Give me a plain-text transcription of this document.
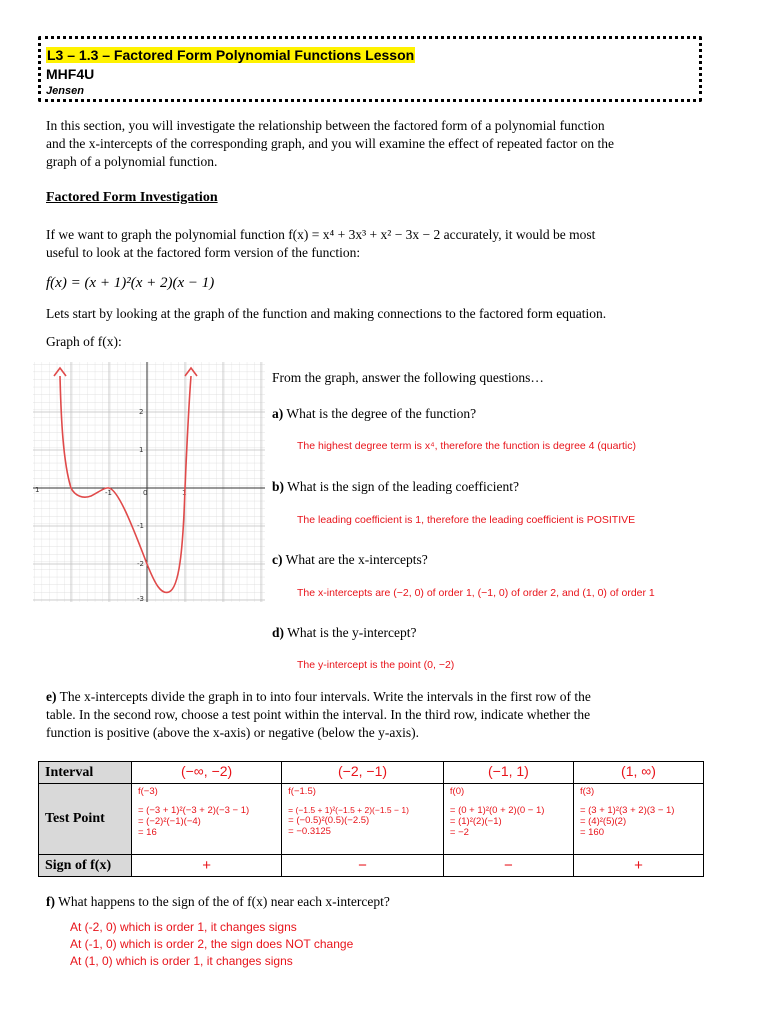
L3 – 1.3 – Factored Form Polynomial Functions Lesson
MHF4U
Jensen

In this section, you will investigate the relationship between the factored form of a polynomial function

and the x-intercepts of the corresponding graph, and you will examine the effect of repeated factor on the

graph of a polynomial function.

Factored Form Investigation

If we want to graph the polynomial function f(x) = x⁴ + 3x³ + x² − 3x − 2 accurately, it would be most

useful to look at the factored form version of the function:

f(x) = (x + 1)²(x + 2)(x − 1)

Lets start by looking at the graph of the function and making connections to the factored form equation.

Graph of f(x):

1	-1	0	1
2
1
-1
-2
-3
From the graph, answer the following questions…
a) What is the degree of the function?
The highest degree term is x⁴, therefore the function is degree 4 (quartic)
b) What is the sign of the leading coefficient?
The leading coefficient is 1, therefore the leading coefficient is POSITIVE
c) What are the x-intercepts?
The x-intercepts are (−2, 0) of order 1, (−1, 0) of order 2, and (1, 0) of order 1
d) What is the y-intercept?
The y-intercept is the point (0, −2)

e) The x-intercepts divide the graph in to into four intervals. Write the intervals in the first row of the

table. In the second row, choose a test point within the interval. In the third row, indicate whether the

function is positive (above the x-axis) or negative (below the y-axis).

Interval	(−∞, −2)	(−2, −1)	(−1, 1)	(1, ∞)
Test Point	f(−3)
= (−3 + 1)²(−3 + 2)(−3 − 1)
= (−2)²(−1)(−4)
= 16	f(−1.5)
= (−1.5 + 1)²(−1.5 + 2)(−1.5 − 1)
= (−0.5)²(0.5)(−2.5)
= −0.3125	f(0)
= (0 + 1)²(0 + 2)(0 − 1)
= (1)²(2)(−1)
= −2	f(3)
= (3 + 1)²(3 + 2)(3 − 1)
= (4)²(5)(2)
= 160

Sign of f(x)	+	−	−	+

f) What happens to the sign of the of f(x) near each x-intercept?

At (-2, 0) which is order 1, it changes signs
At (-1, 0) which is order 2, the sign does NOT change
At (1, 0) which is order 1, it changes signs
